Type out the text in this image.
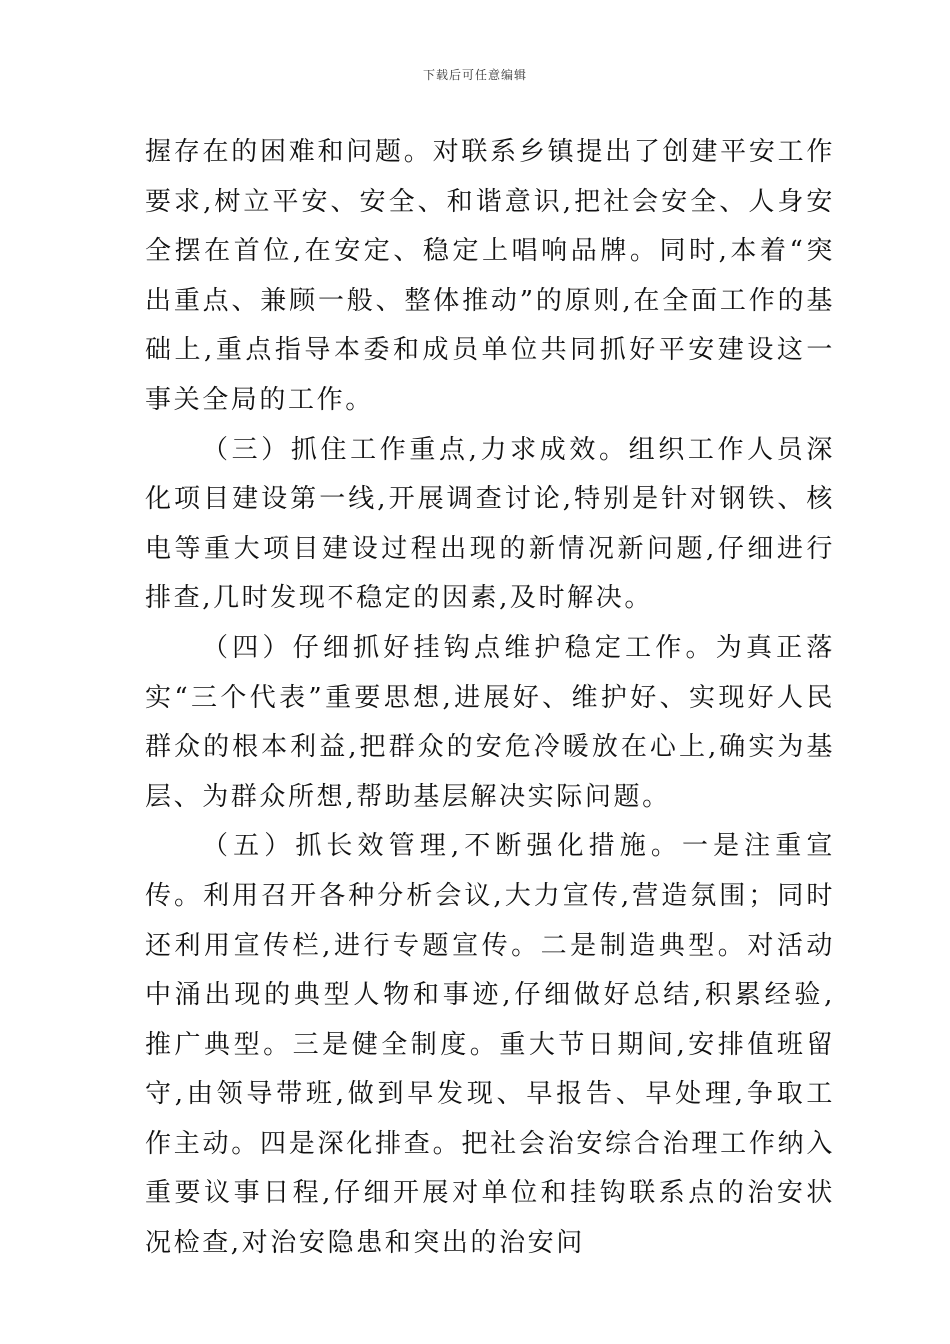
下载后可任意编辑

握存在的困难和问题。对联系乡镇提出了创建平安工作要求,树立平安、安全、和谐意识,把社会安全、人身安全摆在首位,在安定、稳定上唱响品牌。同时,本着“突出重点、兼顾一般、整体推动”的原则,在全面工作的基础上,重点指导本委和成员单位共同抓好平安建设这一事关全局的工作。

（三）抓住工作重点,力求成效。组织工作人员深化项目建设第一线,开展调查讨论,特别是针对钢铁、核电等重大项目建设过程出现的新情况新问题,仔细进行排查,几时发现不稳定的因素,及时解决。

（四）仔细抓好挂钩点维护稳定工作。为真正落实“三个代表”重要思想,进展好、维护好、实现好人民群众的根本利益,把群众的安危冷暖放在心上,确实为基层、为群众所想,帮助基层解决实际问题。

（五）抓长效管理,不断强化措施。一是注重宣传。利用召开各种分析会议,大力宣传,营造氛围；同时还利用宣传栏,进行专题宣传。二是制造典型。对活动中涌出现的典型人物和事迹,仔细做好总结,积累经验,推广典型。三是健全制度。重大节日期间,安排值班留守,由领导带班,做到早发现、早报告、早处理,争取工作主动。四是深化排查。把社会治安综合治理工作纳入重要议事日程,仔细开展对单位和挂钩联系点的治安状况检查,对治安隐患和突出的治安问
